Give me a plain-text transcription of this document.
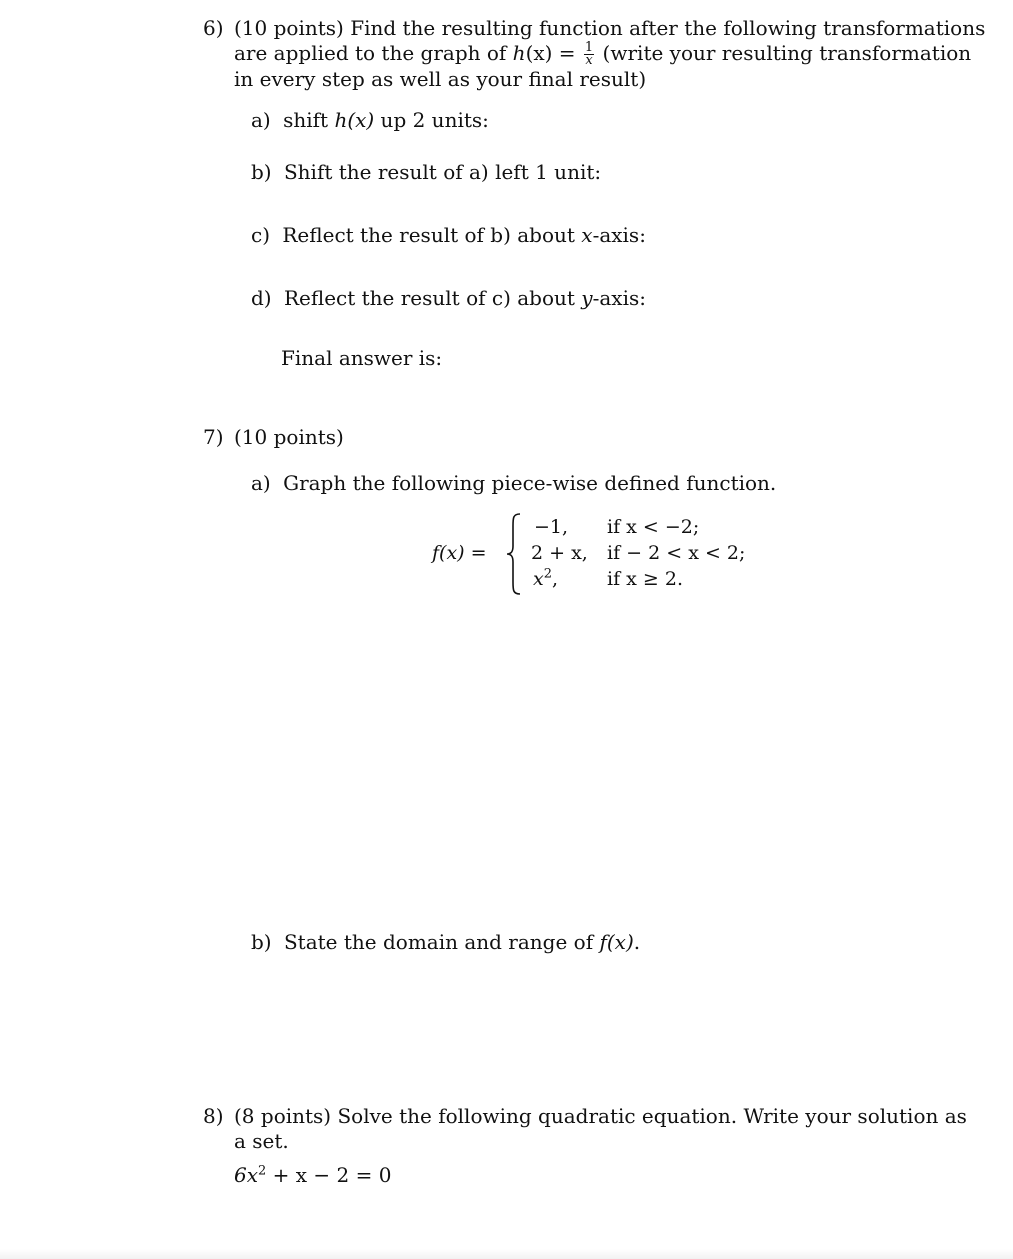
6) (10 points) Find the resulting function after the following transformations
are applied to the graph of $h(x) = \frac{1}{x}$ (write your resulting transformation
in every step as well as your final result)
a) shift h(x) up 2 units:
b) Shift the result of a) left 1 unit:
c) Reflect the result of b) about x-axis:
d) Reflect the result of c) about y-axis:
Final answer is:
7) (10 points)
a) Graph the following piece-wise defined function.
f(x) =
−1, if x < −2;
2 + x, if − 2 < x < 2;
$x^2$,	if x ≥ 2.
b) State the domain and range of f(x).
8) (8 points) Solve the following quadratic equation. Write your solution as
a set.
$6x^2 + x - 2 = 0$
